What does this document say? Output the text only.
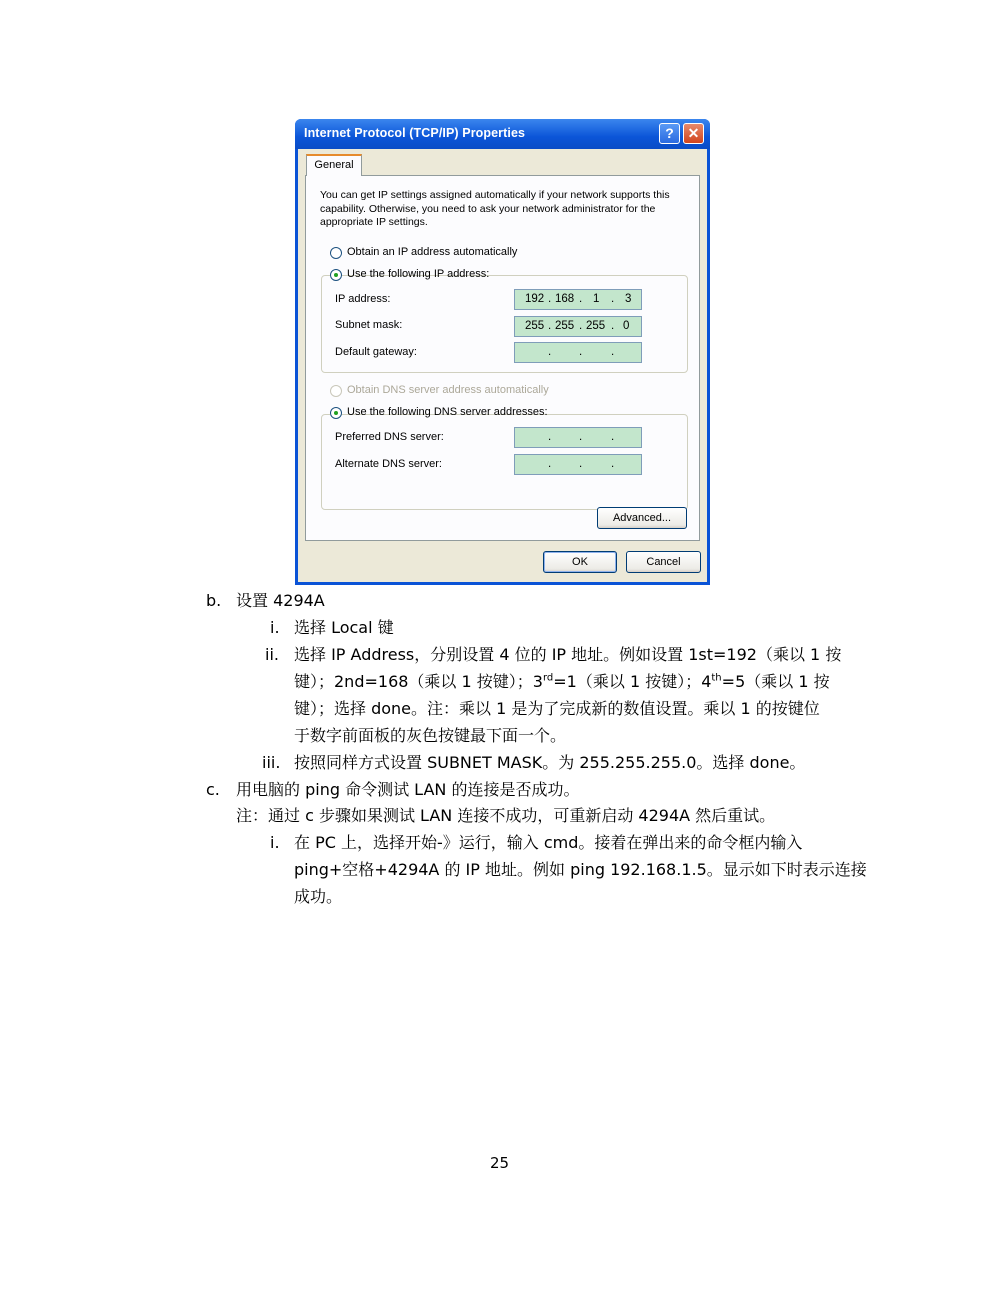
Internet Protocol (TCP/IP) Properties	? ✕
General
You can get IP settings assigned automatically if your network supports this capability. Otherwise, you need to ask your network administrator for the appropriate IP settings.
Obtain an IP address automatically
Use the following IP address:
IP address:	192 . 168 . 1 . 3
Subnet mask:	255 . 255 . 255 . 0
Default gateway:	. .	.
Obtain DNS server address automatically
Use the following DNS server addresses:
Preferred DNS server:	. .	.
Alternate DNS server:	. .	.
Advanced...
OK	Cancel
b. 设置 4294A
i. 选择 Local 键
ii. 选择 IP Address，分别设置 4 位的 IP 地址。例如设置 1st=192（乘以 1 按
键）；2nd=168（乘以 1 按键）；3rd=1（乘以 1 按键）；4th=5（乘以 1 按
键）；选择 done。注：乘以 1 是为了完成新的数值设置。乘以 1 的按键位
于数字前面板的灰色按键最下面一个。
iii. 按照同样方式设置 SUBNET MASK。为 255.255.255.0。选择 done。
c. 用电脑的 ping 命令测试 LAN 的连接是否成功。
注：通过 c 步骤如果测试 LAN 连接不成功，可重新启动 4294A 然后重试。
i. 在 PC 上，选择开始-》运行，输入 cmd。接着在弹出来的命令框内输入
ping+空格+4294A 的 IP 地址。例如 ping 192.168.1.5。显示如下时表示连接
成功。
25
